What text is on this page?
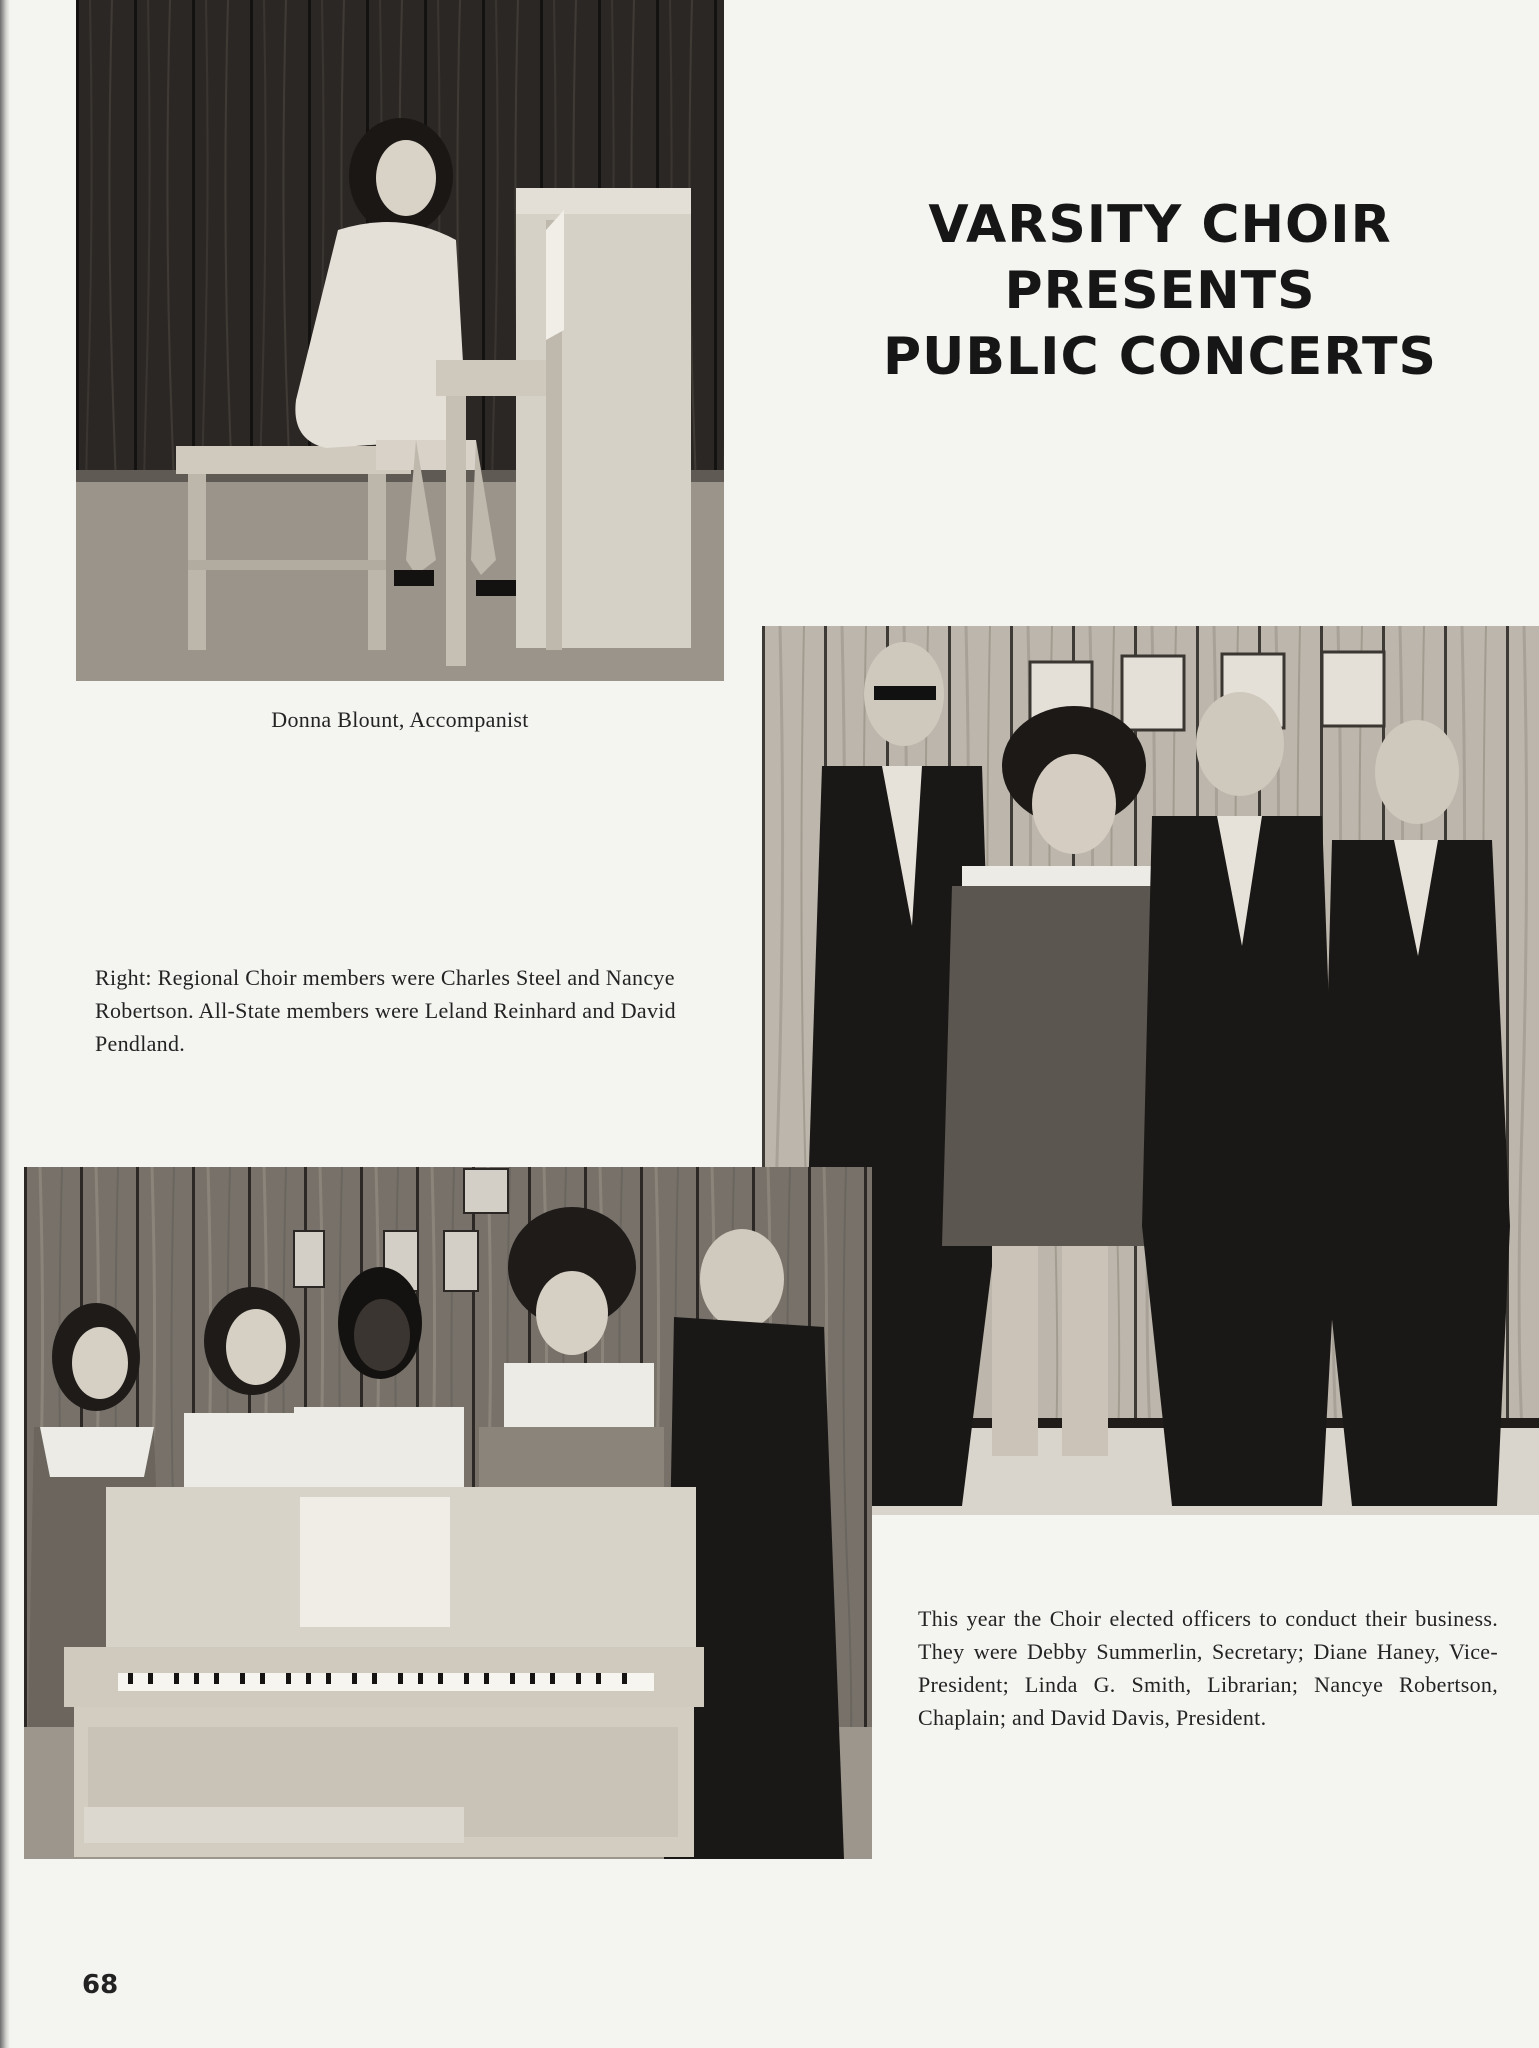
VARSITY CHOIR
PRESENTS
PUBLIC CONCERTS
Donna Blount, Accompanist
Right: Regional Choir members were Charles Steel and Nancye Robertson. All-State members were Leland Reinhard and David Pendland.
This year the Choir elected officers to conduct their business. They were Debby Summerlin, Secretary; Diane Haney, Vice-President; Linda G. Smith, Librarian; Nancye Robertson, Chaplain; and David Davis, President.
68
